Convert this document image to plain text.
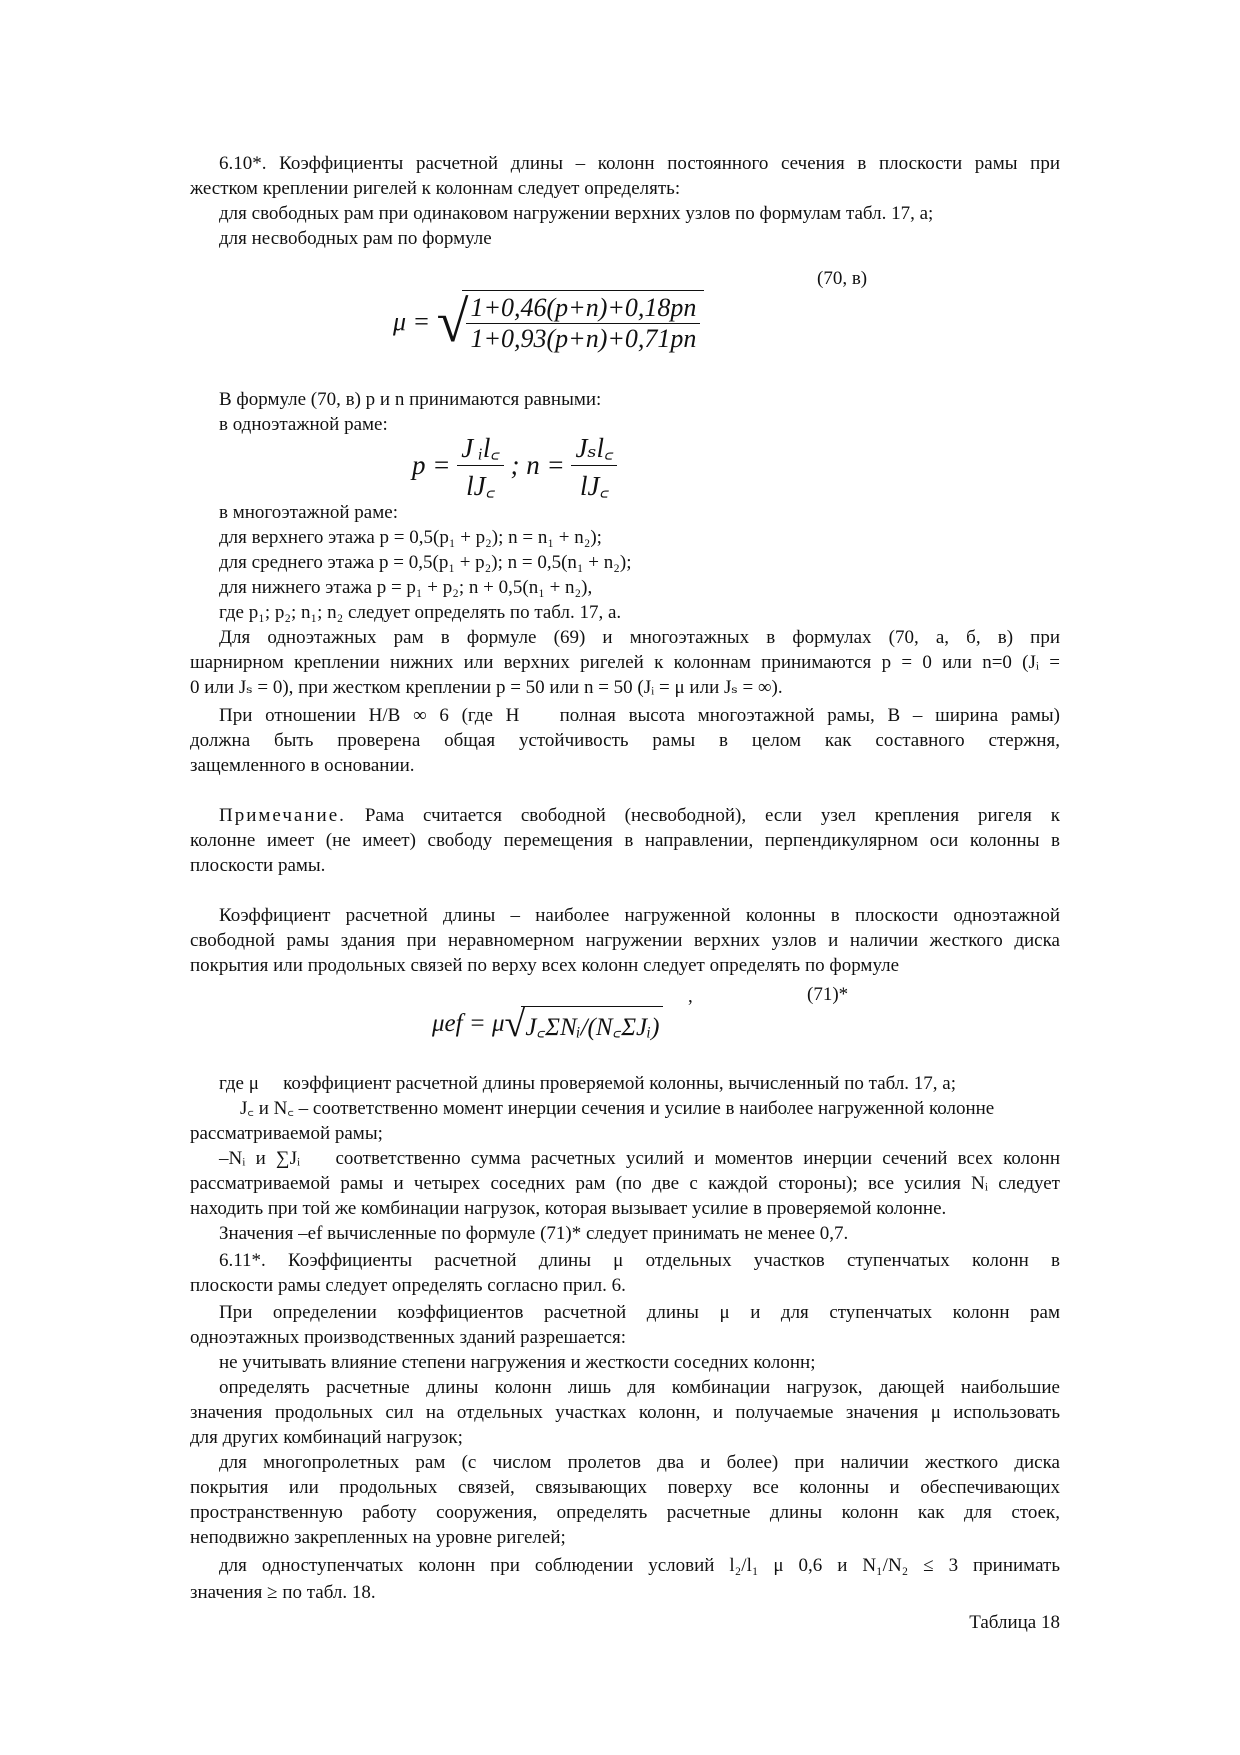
6.10*. Коэффициенты расчетной длины – колонн постоянного сечения в плоскости рамы при
жестком креплении ригелей к колоннам следует определять:
для свободных рам при одинаковом нагружении верхних узлов по формулам табл. 17, а;
для несвободных рам по формуле
(70, в)
μ = √
$\frac{1+0,46(p+n)+0,18pn}{1+0,93(p+n)+0,71pn}$
В формуле (70, в) p и n принимаются равными:
в одноэтажной раме:
$p = \frac{\text{J ᵢl꜀}}{lJ꜀}$ ; $n = \frac{\text{Jₛl꜀}}{lJ꜀}$
в многоэтажной раме:
для верхнего этажа p = 0,5(p₁ + p₂); n = n₁ + n₂);
для среднего этажа p = 0,5(p₁ + p₂); n = 0,5(n₁ + n₂);
для нижнего этажа p = p₁ + p₂; n + 0,5(n₁ + n₂),
где p₁; p₂; n₁; n₂ следует определять по табл. 17, а.
Для одноэтажных рам в формуле (69) и многоэтажных в формулах (70, а, б, в) при
шарнирном креплении нижних или верхних ригелей к колоннам принимаются p = 0 или n=0 (Jᵢ =
0 или Jₛ = 0), при жестком креплении p = 50 или n = 50 (Jᵢ = μ или Jₛ = ∞).
При отношении H/B ∞ 6 (где H   полная высота многоэтажной рамы, B – ширина рамы)
должна быть проверена общая устойчивость рамы в целом как составного стержня,
защемленного в основании.
Примечание. Рама считается свободной (несвободной), если узел крепления ригеля к
колонне имеет (не имеет) свободу перемещения в направлении, перпендикулярном оси колонны в
плоскости рамы.
Коэффициент расчетной длины – наиболее нагруженной колонны в плоскости одноэтажной
свободной рамы здания при неравномерном нагружении верхних узлов и наличии жесткого диска
покрытия или продольных связей по верху всех колонн следует определять по формуле
μef = μ√J꜀ΣNᵢ/(N꜀ΣJᵢ)
,	(71)*
где μ   коэффициент расчетной длины проверяемой колонны, вычисленный по табл. 17, а;
J꜀ и N꜀ – соответственно момент инерции сечения и усилие в наиболее нагруженной колонне
рассматриваемой рамы;
–Nᵢ и ∑Jᵢ   соответственно сумма расчетных усилий и моментов инерции сечений всех колонн
рассматриваемой рамы и четырех соседних рам (по две с каждой стороны); все усилия Nᵢ следует
находить при той же комбинации нагрузок, которая вызывает усилие в проверяемой колонне.
Значения –ef вычисленные по формуле (71)* следует принимать не менее 0,7.
6.11*. Коэффициенты расчетной длины μ отдельных участков ступенчатых колонн в
плоскости рамы следует определять согласно прил. 6.
При определении коэффициентов расчетной длины μ и для ступенчатых колонн рам
одноэтажных производственных зданий разрешается:
не учитывать влияние степени нагружения и жесткости соседних колонн;
определять расчетные длины колонн лишь для комбинации нагрузок, дающей наибольшие
значения продольных сил на отдельных участках колонн, и получаемые значения μ использовать
для других комбинаций нагрузок;
для многопролетных рам (с числом пролетов два и более) при наличии жесткого диска
покрытия или продольных связей, связывающих поверху все колонны и обеспечивающих
пространственную работу сооружения, определять расчетные длины колонн как для стоек,
неподвижно закрепленных на уровне ригелей;
для одноступенчатых колонн при соблюдении условий l₂/l₁ μ 0,6 и N₁/N₂ ≤ 3 принимать
значения ≥ по табл. 18.
Таблица 18
